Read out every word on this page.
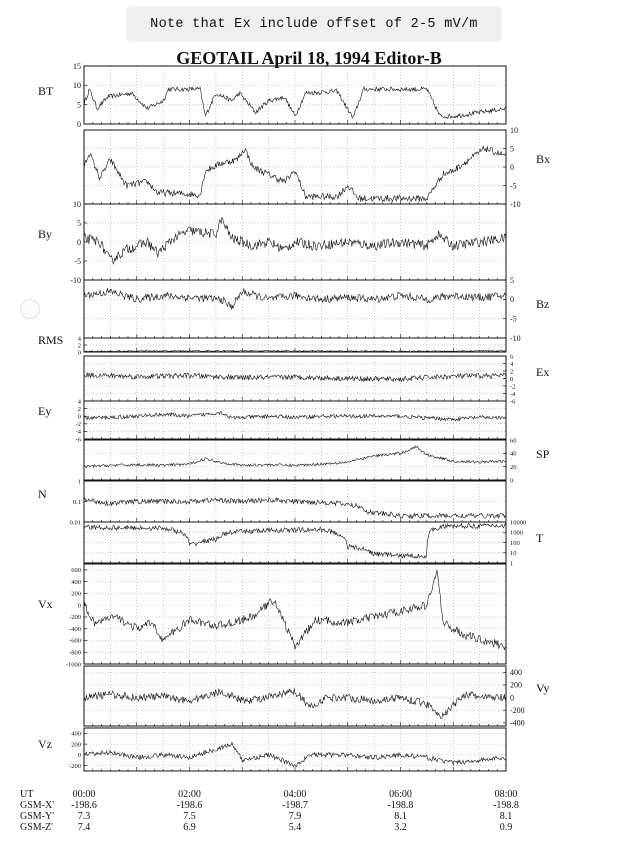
Note that Ex include offset of 2-5 mV/m
GEOTAIL April 18, 1994 Editor-B
15
10
5
0
BT
10
5
0
-5
-10
Bx
10
5
0
-5
-10
By
5
0
-5
-10
Bz
4
2
0
RMS
6
4
2
0
-2
-4
-6
Ex
4
2
0
-2
-4
-6
Ey
60
40
20
0
SP
1
0.1
0.01
N
10000
1000
100
10
1
T
600
400
200
0
-200
-400
-600
-800
-1000
Vx
400
200
0
-200
-400
Vy
400
200
0
-200
Vz
UT	00:00	02:00	04:00	06:00	08:00
GSM-X' -198.6	-198.6	-198.7	-198.8	-198.8
GSM-Y' 7.3	7.5	7.9	8.1	8.1
GSM-Z' 7.4	6.9	5.4	3.2	0.9
